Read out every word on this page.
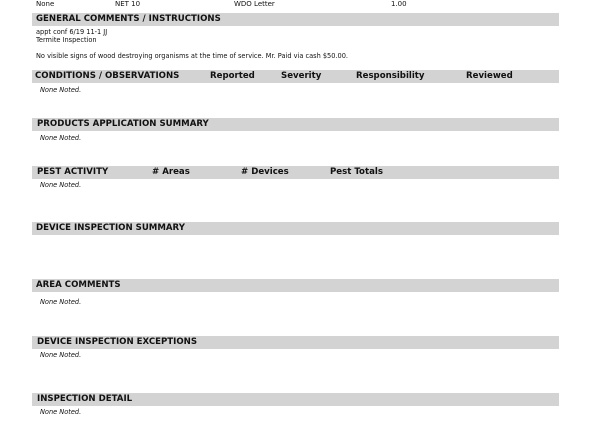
None	NET 10	WDO Letter	1.00
GENERAL COMMENTS / INSTRUCTIONS
appt conf 6/19 11-1 JJ
Termite Inspection
No visible signs of wood destroying organisms at the time of service. Mr. Paid via cash $50.00.
CONDITIONS / OBSERVATIONS	Reported	Severity	Responsibility	Reviewed
None Noted.
PRODUCTS APPLICATION SUMMARY
None Noted.
PEST ACTIVITY	# Areas	# Devices	Pest Totals
None Noted.
DEVICE INSPECTION SUMMARY
AREA COMMENTS
None Noted.
DEVICE INSPECTION EXCEPTIONS
None Noted.
INSPECTION DETAIL
None Noted.
